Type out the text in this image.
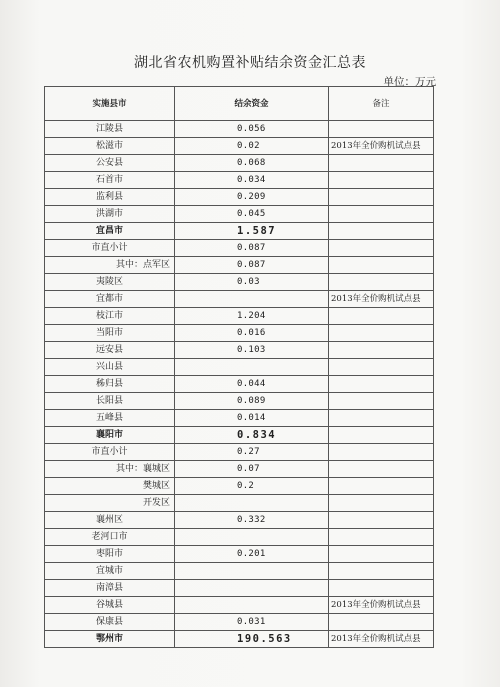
湖北省农机购置补贴结余资金汇总表
单位：万元
实施县市	结余资金	备注
江陵县	0.056	
松滋市	0.02	2013年全价购机试点县
公安县	0.068	
石首市	0.034	
监利县	0.209	
洪湖市	0.045	
宜昌市	1.587	
市直小计	0.087	
其中：点军区	0.087	
夷陵区	0.03	
宜都市		2013年全价购机试点县
枝江市	1.204	
当阳市	0.016	
远安县	0.103	
兴山县		
秭归县	0.044	
长阳县	0.089	
五峰县	0.014	
襄阳市	0.834	
市直小计	0.27	
其中：襄城区	0.07	
樊城区	0.2	
开发区		
襄州区	0.332	
老河口市		
枣阳市	0.201	
宜城市		
南漳县		
谷城县		2013年全价购机试点县
保康县	0.031	
鄂州市	190.563	2013年全价购机试点县
